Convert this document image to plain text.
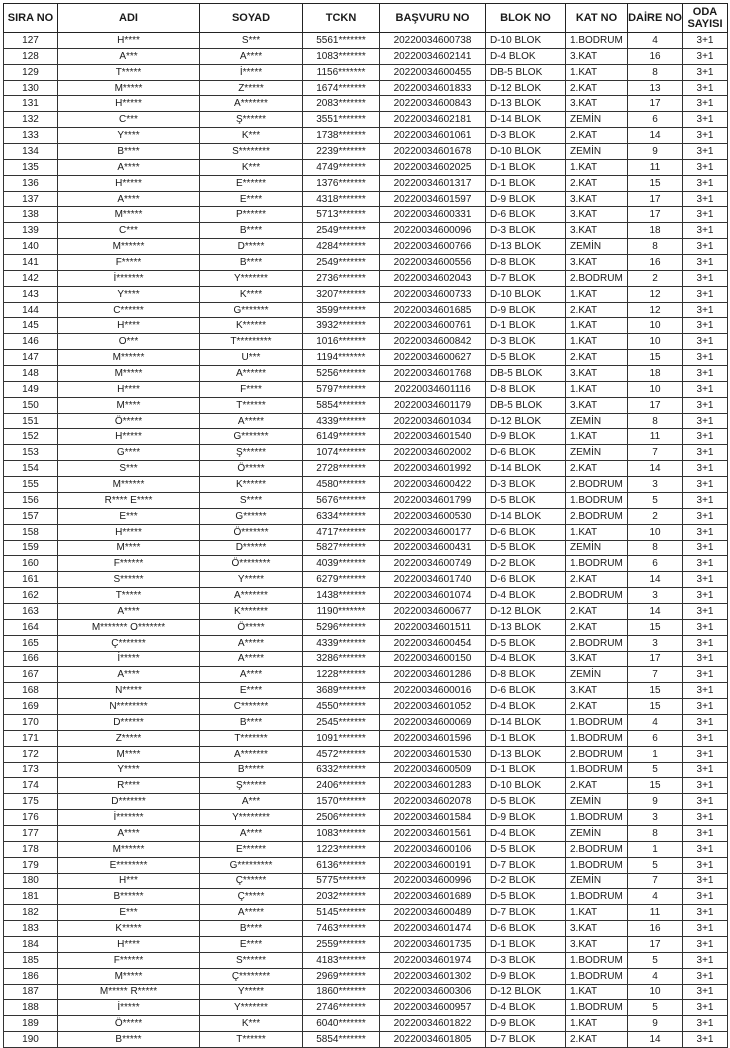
SIRA NO	ADI	SOYAD	TCKN	BAŞVURU NO	BLOK NO	KAT NO	DAİRE NO	ODA SAYISI
127	H****	S***	5561*******	20220034600738	D-10 BLOK	1.BODRUM	4	3+1
128	A***	A****	1083*******	20220034602141	D-4 BLOK	3.KAT	16	3+1
129	T*****	İ*****	1156*******	20220034600455	DB-5 BLOK	1.KAT	8	3+1
130	M*****	Z*****	1674*******	20220034601833	D-12 BLOK	2.KAT	13	3+1
131	H*****	A*******	2083*******	20220034600843	D-13 BLOK	3.KAT	17	3+1
132	C***	Ş******	3551*******	20220034602181	D-14 BLOK	ZEMİN	6	3+1
133	Y****	K***	1738*******	20220034601061	D-3 BLOK	2.KAT	14	3+1
134	B****	S********	2239*******	20220034601678	D-10 BLOK	ZEMİN	9	3+1
135	A****	K***	4749*******	20220034602025	D-1 BLOK	1.KAT	11	3+1
136	H*****	E******	1376*******	20220034601317	D-1 BLOK	2.KAT	15	3+1
137	A****	E****	4318*******	20220034601597	D-9 BLOK	3.KAT	17	3+1
138	M*****	P******	5713*******	20220034600331	D-6 BLOK	3.KAT	17	3+1
139	C***	B****	2549*******	20220034600096	D-3 BLOK	3.KAT	18	3+1
140	M******	D*****	4284*******	20220034600766	D-13 BLOK	ZEMİN	8	3+1
141	F*****	B****	2549*******	20220034600556	D-8 BLOK	3.KAT	16	3+1
142	İ*******	Y*******	2736*******	20220034602043	D-7 BLOK	2.BODRUM	2	3+1
143	Y****	K****	3207*******	20220034600733	D-10 BLOK	1.KAT	12	3+1
144	C******	G*******	3599*******	20220034601685	D-9 BLOK	2.KAT	12	3+1
145	H****	K******	3932*******	20220034600761	D-1 BLOK	1.KAT	10	3+1
146	O***	T*********	1016*******	20220034600842	D-3 BLOK	1.KAT	10	3+1
147	M******	U***	1194*******	20220034600627	D-5 BLOK	2.KAT	15	3+1
148	M*****	A******	5256*******	20220034601768	DB-5 BLOK	3.KAT	18	3+1
149	H****	F****	5797*******	20220034601116	D-8 BLOK	1.KAT	10	3+1
150	M****	T******	5854*******	20220034601179	DB-5 BLOK	3.KAT	17	3+1
151	Ö*****	A*****	4339*******	20220034601034	D-12 BLOK	ZEMİN	8	3+1
152	H*****	G*******	6149*******	20220034601540	D-9 BLOK	1.KAT	11	3+1
153	G****	Ş******	1074*******	20220034602002	D-6 BLOK	ZEMİN	7	3+1
154	S***	Ö*****	2728*******	20220034601992	D-14 BLOK	2.KAT	14	3+1
155	M******	K******	4580*******	20220034600422	D-3 BLOK	2.BODRUM	3	3+1
156	R**** E****	S****	5676*******	20220034601799	D-5 BLOK	1.BODRUM	5	3+1
157	E***	G******	6334*******	20220034600530	D-14 BLOK	2.BODRUM	2	3+1
158	H*****	Ö*******	4717*******	20220034600177	D-6 BLOK	1.KAT	10	3+1
159	M****	D******	5827*******	20220034600431	D-5 BLOK	ZEMİN	8	3+1
160	F******	Ö********	4039*******	20220034600749	D-2 BLOK	1.BODRUM	6	3+1
161	S******	Y*****	6279*******	20220034601740	D-6 BLOK	2.KAT	14	3+1
162	T*****	A*******	1438*******	20220034601074	D-4 BLOK	2.BODRUM	3	3+1
163	A****	K*******	1190*******	20220034600677	D-12 BLOK	2.KAT	14	3+1
164	M******* O*******	Ö*****	5296*******	20220034601511	D-13 BLOK	2.KAT	15	3+1
165	Ç*******	A*****	4339*******	20220034600454	D-5 BLOK	2.BODRUM	3	3+1
166	İ*****	A*****	3286*******	20220034600150	D-4 BLOK	3.KAT	17	3+1
167	A****	A****	1228*******	20220034601286	D-8 BLOK	ZEMİN	7	3+1
168	N*****	E****	3689*******	20220034600016	D-6 BLOK	3.KAT	15	3+1
169	N********	C*******	4550*******	20220034601052	D-4 BLOK	2.KAT	15	3+1
170	D******	B****	2545*******	20220034600069	D-14 BLOK	1.BODRUM	4	3+1
171	Z*****	T*******	1091*******	20220034601596	D-1 BLOK	1.BODRUM	6	3+1
172	M****	A*******	4572*******	20220034601530	D-13 BLOK	2.BODRUM	1	3+1
173	Y****	B*****	6332*******	20220034600509	D-1 BLOK	1.BODRUM	5	3+1
174	R****	Ş******	2406*******	20220034601283	D-10 BLOK	2.KAT	15	3+1
175	D*******	A***	1570*******	20220034602078	D-5 BLOK	ZEMİN	9	3+1
176	İ*******	Y********	2506*******	20220034601584	D-9 BLOK	1.BODRUM	3	3+1
177	A****	A****	1083*******	20220034601561	D-4 BLOK	ZEMİN	8	3+1
178	M******	E******	1223*******	20220034600106	D-5 BLOK	2.BODRUM	1	3+1
179	E********	G*********	6136*******	20220034600191	D-7 BLOK	1.BODRUM	5	3+1
180	H***	Ç******	5775*******	20220034600996	D-2 BLOK	ZEMİN	7	3+1
181	B******	Ç*****	2032*******	20220034601689	D-5 BLOK	1.BODRUM	4	3+1
182	E***	A*****	5145*******	20220034600489	D-7 BLOK	1.KAT	11	3+1
183	K*****	B****	7463*******	20220034601474	D-6 BLOK	3.KAT	16	3+1
184	H****	E****	2559*******	20220034601735	D-1 BLOK	3.KAT	17	3+1
185	F******	S******	4183*******	20220034601974	D-3 BLOK	1.BODRUM	5	3+1
186	M*****	Ç********	2969*******	20220034601302	D-9 BLOK	1.BODRUM	4	3+1
187	M***** R*****	Y*****	1860*******	20220034600306	D-12 BLOK	1.KAT	10	3+1
188	İ*****	Y*******	2746*******	20220034600957	D-4 BLOK	1.BODRUM	5	3+1
189	Ö*****	K***	6040*******	20220034601822	D-9 BLOK	1.KAT	9	3+1
190	B*****	T******	5854*******	20220034601805	D-7 BLOK	2.KAT	14	3+1
